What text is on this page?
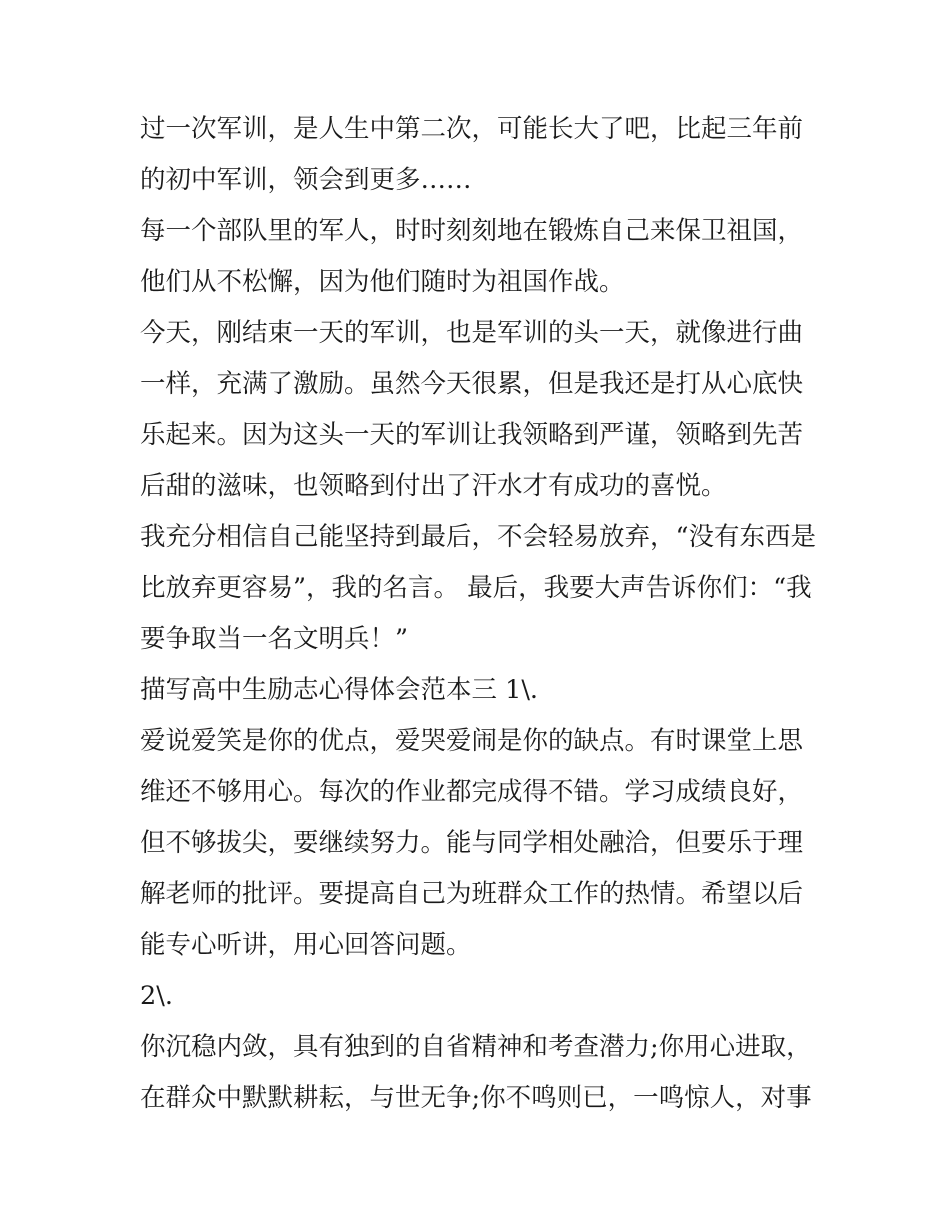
过一次军训，是人生中第二次，可能长大了吧，比起三年前的初中军训，领会到更多……

每一个部队里的军人，时时刻刻地在锻炼自己来保卫祖国，他们从不松懈，因为他们随时为祖国作战。

今天，刚结束一天的军训，也是军训的头一天，就像进行曲一样，充满了激励。虽然今天很累，但是我还是打从心底快乐起来。因为这头一天的军训让我领略到严谨，领略到先苦后甜的滋味，也领略到付出了汗水才有成功的喜悦。

我充分相信自己能坚持到最后，不会轻易放弃，“没有东西是比放弃更容易”，我的名言。 最后，我要大声告诉你们：“我要争取当一名文明兵！”

描写高中生励志心得体会范本三 1\.

爱说爱笑是你的优点，爱哭爱闹是你的缺点。有时课堂上思维还不够用心。每次的作业都完成得不错。学习成绩良好，但不够拔尖，要继续努力。能与同学相处融洽，但要乐于理解老师的批评。要提高自己为班群众工作的热情。希望以后能专心听讲，用心回答问题。

2\.

你沉稳内敛，具有独到的自省精神和考查潜力;你用心进取，在群众中默默耕耘，与世无争;你不鸣则已，一鸣惊人，对事
